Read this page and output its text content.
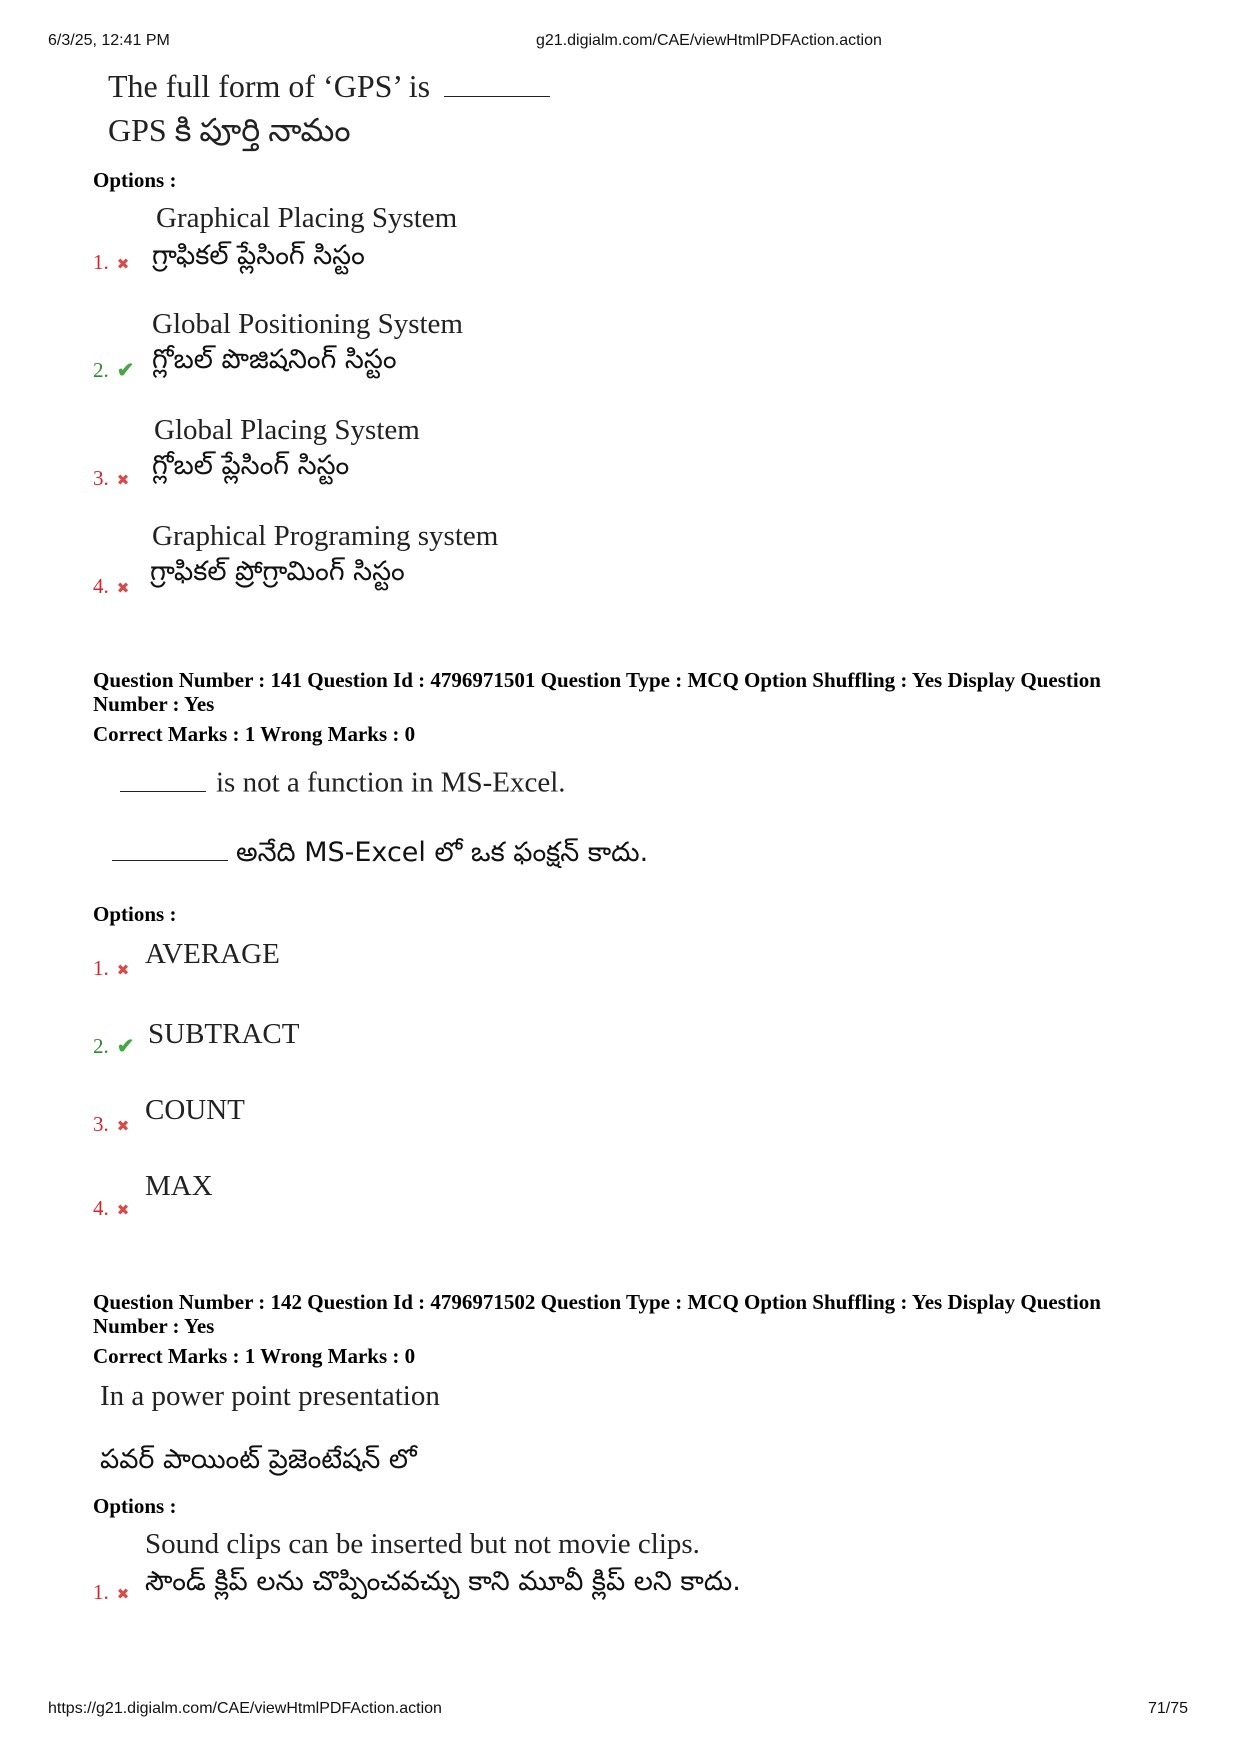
6/3/25, 12:41 PM	g21.digialm.com/CAE/viewHtmlPDFAction.action
The full form of ‘GPS’ is
GPS కి పూర్తి నామం
Options :
Graphical Placing System
గ్రాఫికల్ ప్లేసింగ్ సిస్టం
1. ✖
Global Positioning System
గ్లోబల్ పొజిషనింగ్ సిస్టం
2. ✔
Global Placing System
గ్లోబల్ ప్లేసింగ్ సిస్టం
3. ✖
Graphical Programing system
గ్రాఫికల్ ప్రోగ్రామింగ్ సిస్టం
4. ✖
Question Number : 141 Question Id : 4796971501 Question Type : MCQ Option Shuffling : Yes Display Question
Number : Yes
Correct Marks : 1 Wrong Marks : 0
is not a function in MS-Excel.
అనేది MS-Excel లో ఒక ఫంక్షన్ కాదు.
Options :
AVERAGE
1. ✖
SUBTRACT
2. ✔
COUNT
3. ✖
MAX
4. ✖
Question Number : 142 Question Id : 4796971502 Question Type : MCQ Option Shuffling : Yes Display Question
Number : Yes
Correct Marks : 1 Wrong Marks : 0
In a power point presentation
పవర్ పాయింట్ ప్రెజెంటేషన్ లో
Options :
Sound clips can be inserted but not movie clips.
సౌండ్ క్లిప్ లను చొప్పించవచ్చు కాని మూవీ క్లిప్ లని కాదు.
1. ✖
https://g21.digialm.com/CAE/viewHtmlPDFAction.action	71/75
